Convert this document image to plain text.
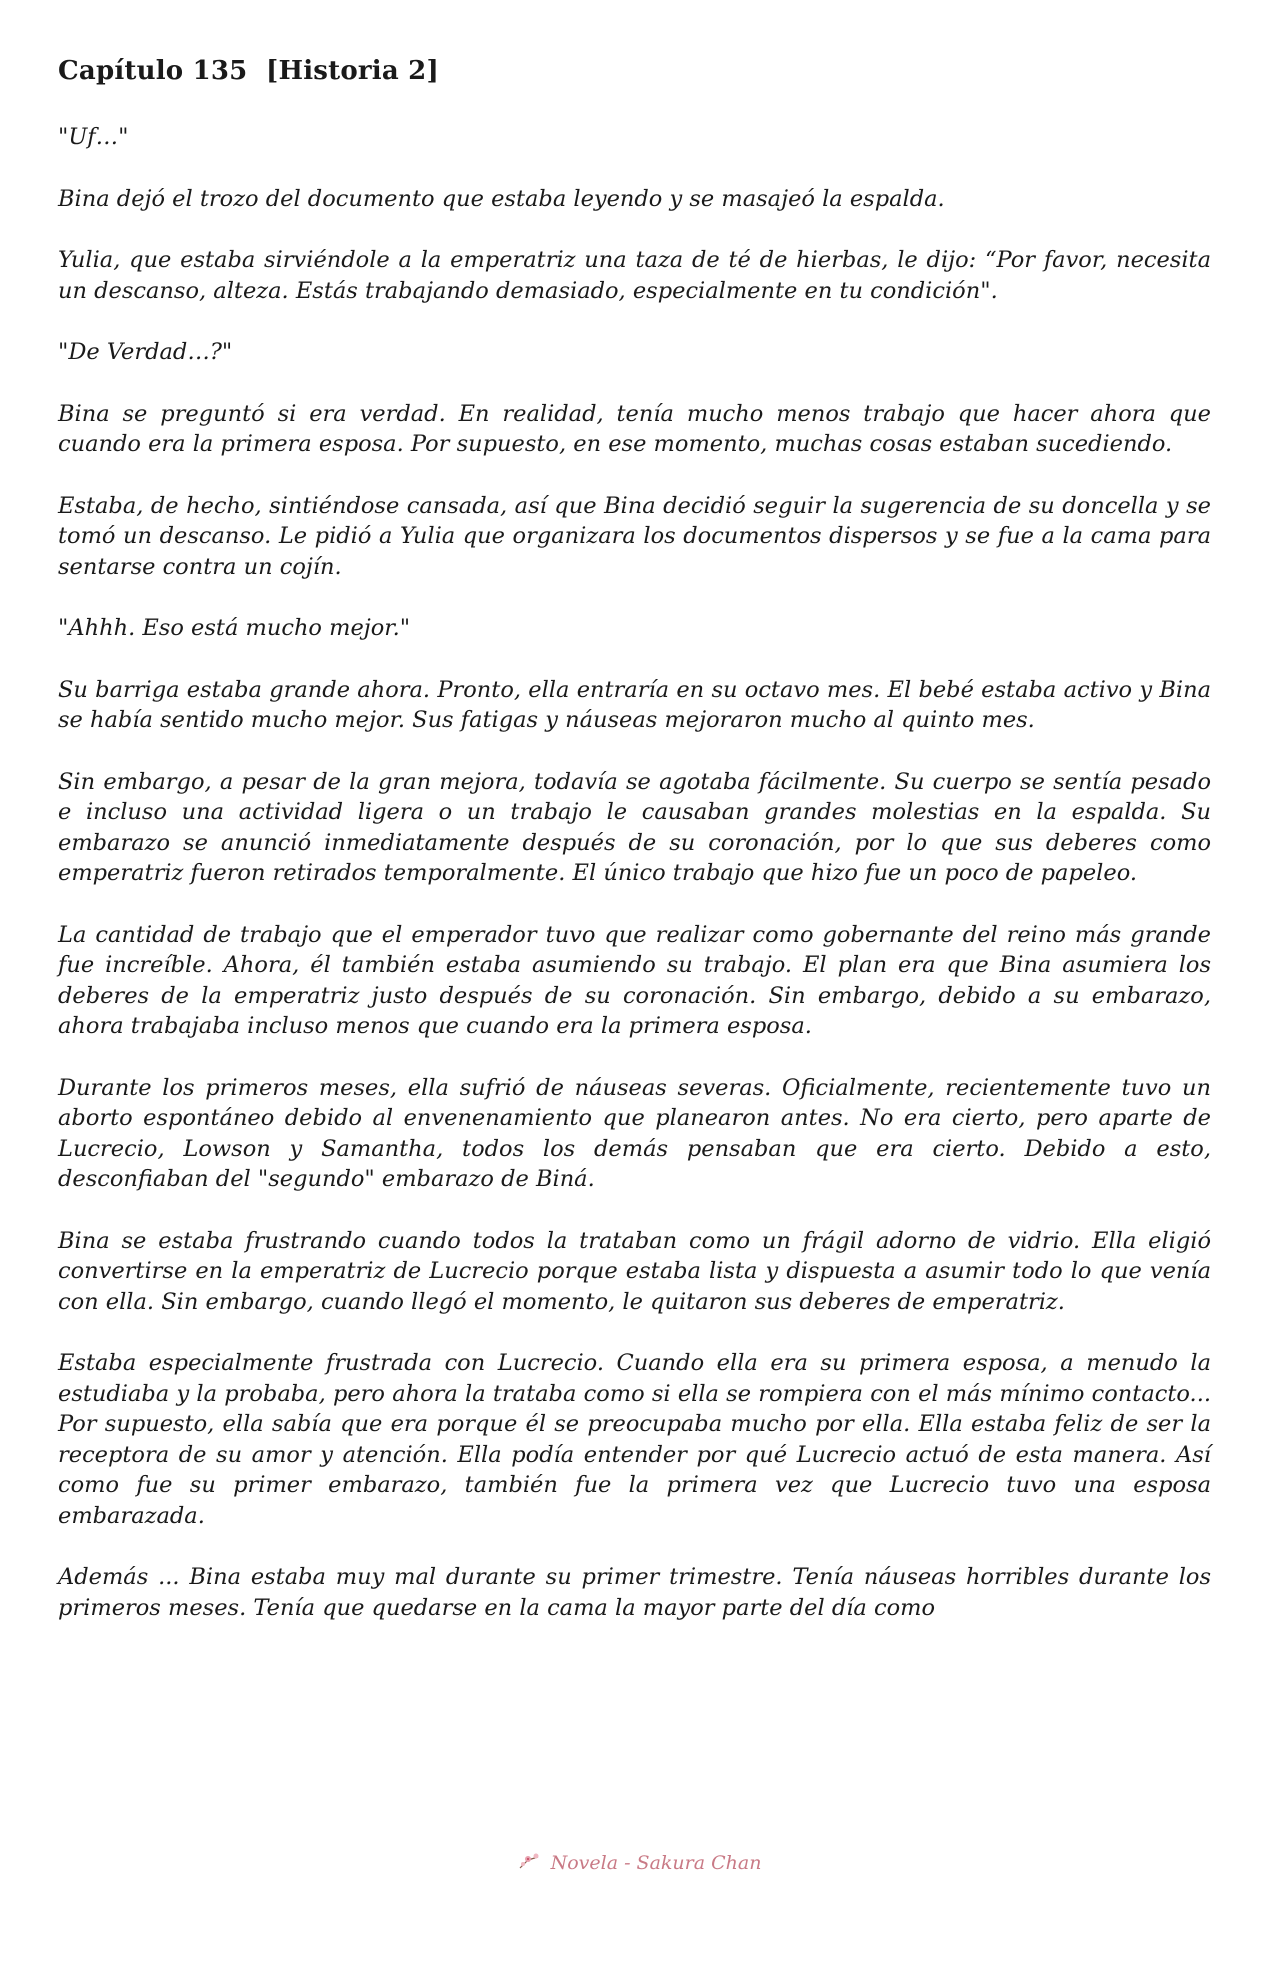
Capítulo 135  [Historia 2]

"Uf…"

Bina dejó el trozo del documento que estaba leyendo y se masajeó la espalda.

Yulia, que estaba sirviéndole a la emperatriz una taza de té de hierbas, le dijo: “Por favor, necesita un descanso, alteza. Estás trabajando demasiado, especialmente en tu condición".

"De Verdad…?"

Bina se preguntó si era verdad. En realidad, tenía mucho menos trabajo que hacer ahora que cuando era la primera esposa. Por supuesto, en ese momento, muchas cosas estaban sucediendo.

Estaba, de hecho, sintiéndose cansada, así que Bina decidió seguir la sugerencia de su doncella y se tomó un descanso. Le pidió a Yulia que organizara los documentos dispersos y se fue a la cama para sentarse contra un cojín.

"Ahhh. Eso está mucho mejor."

Su barriga estaba grande ahora. Pronto, ella entraría en su octavo mes. El bebé estaba activo y Bina se había sentido mucho mejor. Sus fatigas y náuseas mejoraron mucho al quinto mes.

Sin embargo, a pesar de la gran mejora, todavía se agotaba fácilmente. Su cuerpo se sentía pesado e incluso una actividad ligera o un trabajo le causaban grandes molestias en la espalda. Su embarazo se anunció inmediatamente después de su coronación, por lo que sus deberes como emperatriz fueron retirados temporalmente. El único trabajo que hizo fue un poco de papeleo.

La cantidad de trabajo que el emperador tuvo que realizar como gobernante del reino más grande fue increíble. Ahora, él también estaba asumiendo su trabajo. El plan era que Bina asumiera los deberes de la emperatriz justo después de su coronación. Sin embargo, debido a su embarazo, ahora trabajaba incluso menos que cuando era la primera esposa.

Durante los primeros meses, ella sufrió de náuseas severas. Oficialmente, recientemente tuvo un aborto espontáneo debido al envenenamiento que planearon antes. No era cierto, pero aparte de Lucrecio, Lowson y Samantha, todos los demás pensaban que era cierto. Debido a esto, desconfiaban del "segundo" embarazo de Biná.

Bina se estaba frustrando cuando todos la trataban como un frágil adorno de vidrio. Ella eligió convertirse en la emperatriz de Lucrecio porque estaba lista y dispuesta a asumir todo lo que venía con ella. Sin embargo, cuando llegó el momento, le quitaron sus deberes de emperatriz.

Estaba especialmente frustrada con Lucrecio. Cuando ella era su primera esposa, a menudo la estudiaba y la probaba, pero ahora la trataba como si ella se rompiera con el más mínimo contacto... Por supuesto, ella sabía que era porque él se preocupaba mucho por ella. Ella estaba feliz de ser la receptora de su amor y atención. Ella podía entender por qué Lucrecio actuó de esta manera. Así como fue su primer embarazo, también fue la primera vez que Lucrecio tuvo una esposa embarazada.

Además ... Bina estaba muy mal durante su primer trimestre. Tenía náuseas horribles durante los primeros meses. Tenía que quedarse en la cama la mayor parte del día como

Novela - Sakura Chan
